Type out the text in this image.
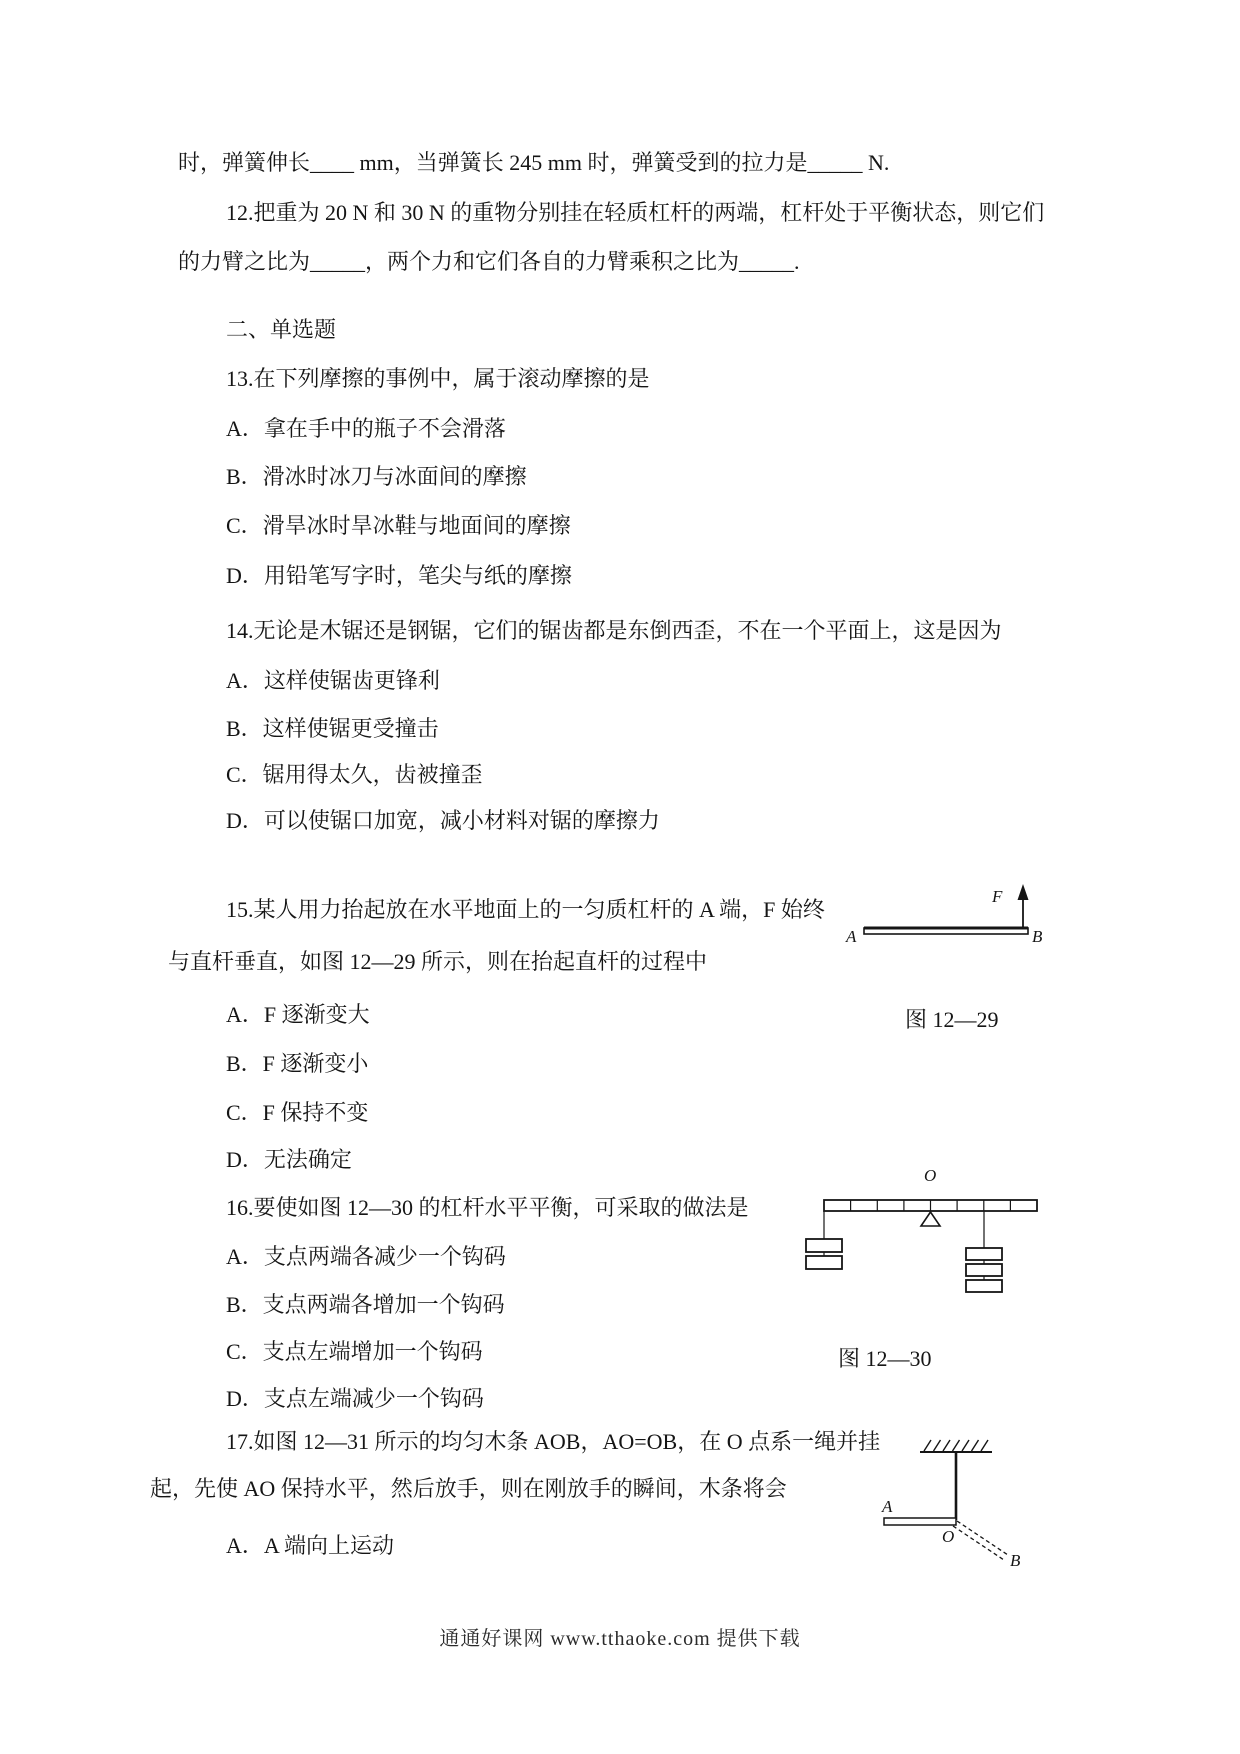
时，弹簧伸长____ mm，当弹簧长 245 mm 时，弹簧受到的拉力是_____ N.
12.把重为 20 N 和 30 N 的重物分别挂在轻质杠杆的两端，杠杆处于平衡状态，则它们
的力臂之比为_____，两个力和它们各自的力臂乘积之比为_____.
二、单选题
13.在下列摩擦的事例中，属于滚动摩擦的是
A．拿在手中的瓶子不会滑落
B．滑冰时冰刀与冰面间的摩擦
C．滑旱冰时旱冰鞋与地面间的摩擦
D．用铅笔写字时，笔尖与纸的摩擦
14.无论是木锯还是钢锯，它们的锯齿都是东倒西歪，不在一个平面上，这是因为
A．这样使锯齿更锋利
B．这样使锯更受撞击
C．锯用得太久，齿被撞歪
D．可以使锯口加宽，减小材料对锯的摩擦力
15.某人用力抬起放在水平地面上的一匀质杠杆的 A 端，F 始终
与直杆垂直，如图 12—29 所示，则在抬起直杆的过程中
A．F 逐渐变大
B．F 逐渐变小
C．F 保持不变
D．无法确定
16.要使如图 12—30 的杠杆水平平衡，可采取的做法是
A．支点两端各减少一个钩码
B．支点两端各增加一个钩码
C．支点左端增加一个钩码
D．支点左端减少一个钩码
17.如图 12—31 所示的均匀木条 AOB，AO=OB，在 O 点系一绳并挂
起，先使 AO 保持水平，然后放手，则在刚放手的瞬间，木条将会
A．A 端向上运动
F
A	B
图 12—29
O
图 12—30
A
O
B
通通好课网 www.tthaoke.com 提供下载
